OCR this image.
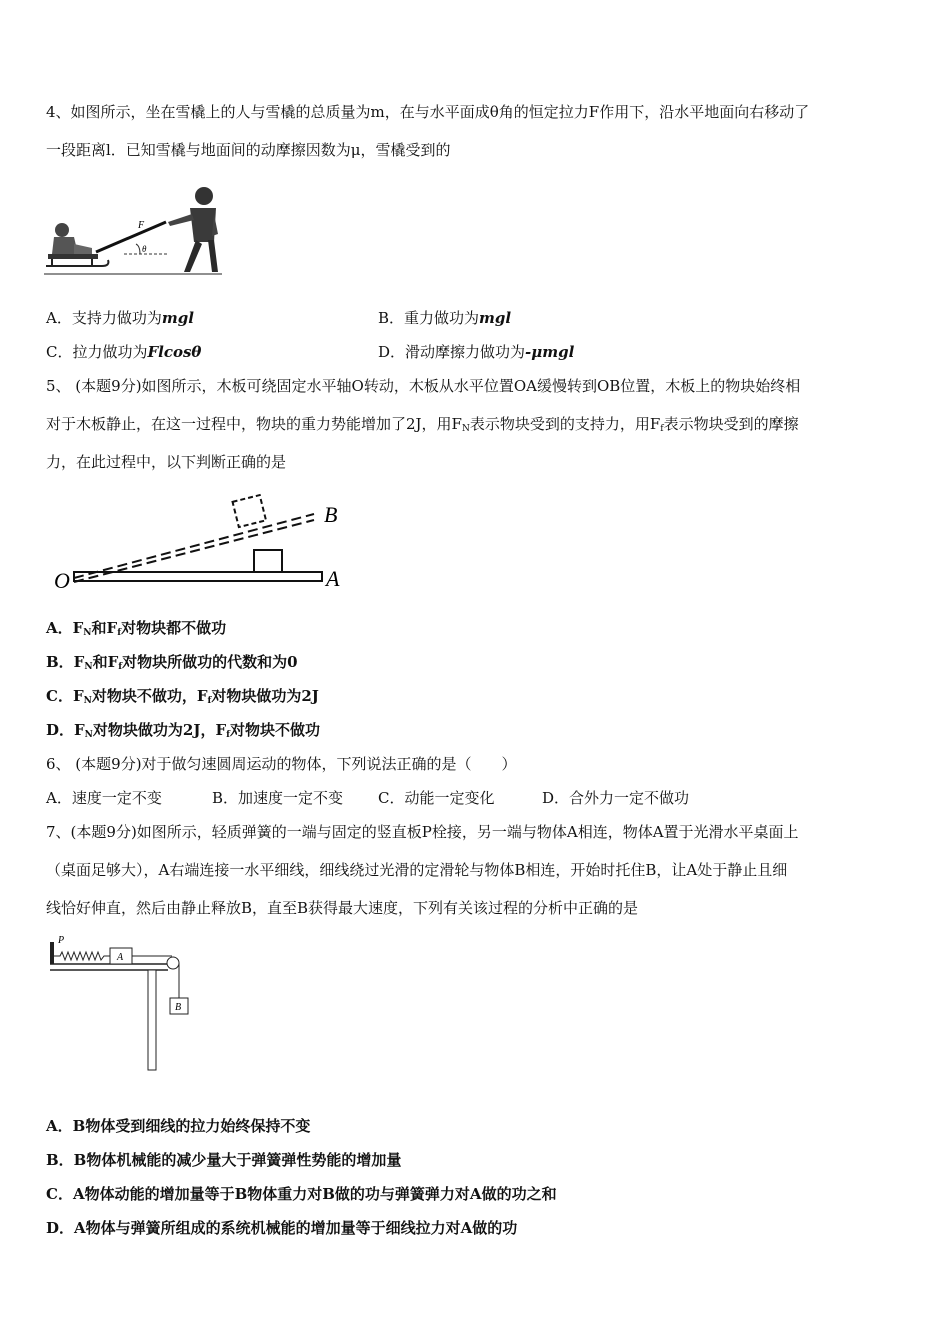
4、如图所示，坐在雪橇上的人与雪橇的总质量为m，在与水平面成θ角的恒定拉力F作用下，沿水平地面向右移动了
一段距离l．已知雪橇与地面间的动摩擦因数为μ，雪橇受到的
F
θ
A．支持力做功为mgl	B．重力做功为mgl
C．拉力做功为Flcosθ	D．滑动摩擦力做功为-μmgl
5、 (本题9分)如图所示，木板可绕固定水平轴O转动，木板从水平位置OA缓慢转到OB位置，木板上的物块始终相
对于木板静止，在这一过程中，物块的重力势能增加了2J，用$F_N$表示物块受到的支持力，用$F_f$表示物块受到的摩擦
力，在此过程中，以下判断正确的是
O	A
B
A．$F_N$和$F_f$对物块都不做功
B．$F_N$和$F_f$对物块所做功的代数和为0
C．$F_N$对物块不做功，$F_f$对物块做功为2J
D．$F_N$对物块做功为2J，$F_f$对物块不做功
6、 (本题9分)对于做匀速圆周运动的物体，下列说法正确的是（　　）
A．速度一定不变	B．加速度一定不变 C．动能一定变化	D．合外力一定不做功
7、(本题9分)如图所示，轻质弹簧的一端与固定的竖直板P栓接，另一端与物体A相连，物体A置于光滑水平桌面上
（桌面足够大），A右端连接一水平细线，细线绕过光滑的定滑轮与物体B相连，开始时托住B，让A处于静止且细
线恰好伸直，然后由静止释放B，直至B获得最大速度，下列有关该过程的分析中正确的是
P
A
B
A．B物体受到细线的拉力始终保持不变
B．B物体机械能的减少量大于弹簧弹性势能的增加量
C．A物体动能的增加量等于B物体重力对B做的功与弹簧弹力对A做的功之和
D．A物体与弹簧所组成的系统机械能的增加量等于细线拉力对A做的功
